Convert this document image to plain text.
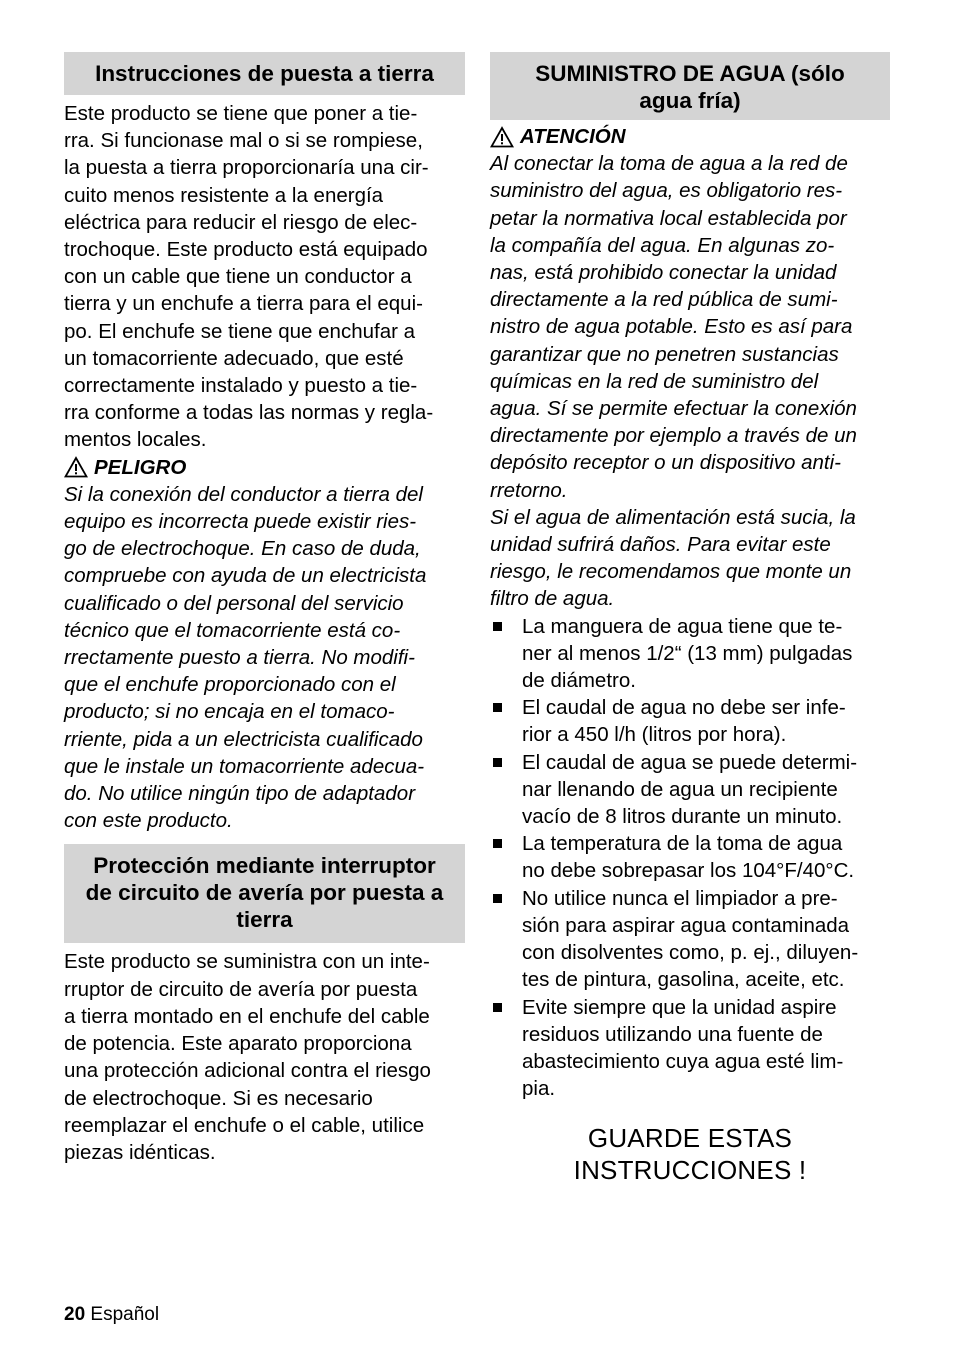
Instrucciones de puesta a tierra
Este producto se tiene que poner a tie-
rra. Si funcionase mal o si se rompiese,
la puesta a tierra proporcionaría una cir-
cuito menos resistente a la energía
eléctrica para reducir el riesgo de elec-
trochoque. Este producto está equipado
con un cable que tiene un conductor a
tierra y un enchufe a tierra para el equi-
po. El enchufe se tiene que enchufar a
un tomacorriente adecuado, que esté
correctamente instalado y puesto a tie-
rra conforme a todas las normas y regla-
mentos locales.
PELIGRO
Si la conexión del conductor a tierra del
equipo es incorrecta puede existir ries-
go de electrochoque. En caso de duda,
compruebe con ayuda de un electricista
cualificado o del personal del servicio
técnico que el tomacorriente está co-
rrectamente puesto a tierra. No modifi-
que el enchufe proporcionado con el
producto; si no encaja en el tomaco-
rriente, pida a un electricista cualificado
que le instale un tomacorriente adecua-
do. No utilice ningún tipo de adaptador
con este producto.
Protección mediante interruptor
de circuito de avería por puesta a
tierra
Este producto se suministra con un inte-
rruptor de circuito de avería por puesta
a tierra montado en el enchufe del cable
de potencia. Este aparato proporciona
una protección adicional contra el riesgo
de electrochoque. Si es necesario
reemplazar el enchufe o el cable, utilice
piezas idénticas.
SUMINISTRO DE AGUA (sólo
agua fría)
ATENCIÓN
Al conectar la toma de agua a la red de
suministro del agua, es obligatorio res-
petar la normativa local establecida por
la compañía del agua. En algunas zo-
nas, está prohibido conectar la unidad
directamente a la red pública de sumi-
nistro de agua potable. Esto es así para
garantizar que no penetren sustancias
químicas en la red de suministro del
agua. Sí se permite efectuar la conexión
directamente por ejemplo a través de un
depósito receptor o un dispositivo anti-
rretorno.
Si el agua de alimentación está sucia, la
unidad sufrirá daños. Para evitar este
riesgo, le recomendamos que monte un
filtro de agua.
La manguera de agua tiene que te-
ner al menos 1/2“ (13 mm) pulgadas
de diámetro.
El caudal de agua no debe ser infe-
rior a 450 l/h (litros por hora).
El caudal de agua se puede determi-
nar llenando de agua un recipiente
vacío de 8 litros durante un minuto.
La temperatura de la toma de agua
no debe sobrepasar los 104°F/40°C.
No utilice nunca el limpiador a pre-
sión para aspirar agua contaminada
con disolventes como, p. ej., diluyen-
tes de pintura, gasolina, aceite, etc.
Evite siempre que la unidad aspire
residuos utilizando una fuente de
abastecimiento cuya agua esté lim-
pia.
GUARDE ESTAS
INSTRUCCIONES !
20 Español
